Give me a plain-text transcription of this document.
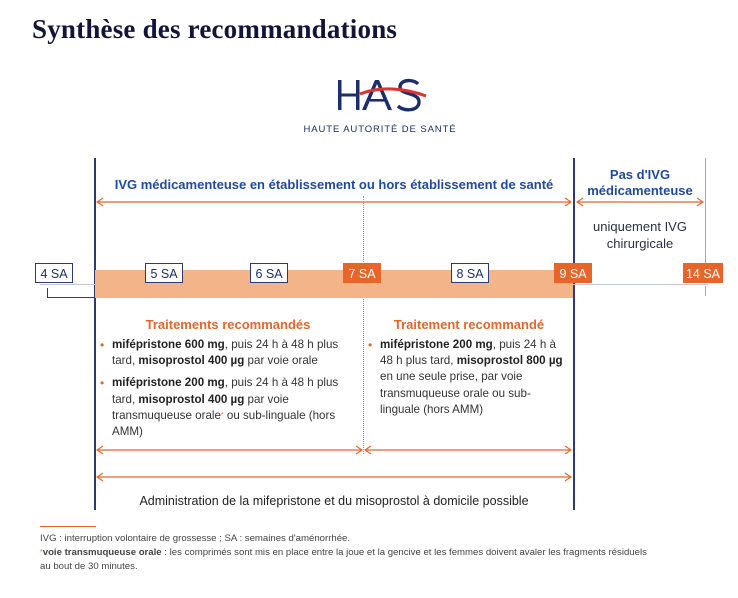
Synthèse des recommandations
HAUTE AUTORITÉ DE SANTÉ
IVG médicamenteuse en établissement ou hors établissement de santé
Pas d'IVG médicamenteuse
uniquement IVG chirurgicale
4 SA	5 SA	6 SA	7 SA	8 SA	9 SA	14 SA
Traitements recommandés	Traitement recommandé
• mifépristone 600 mg, puis 24 h à 48 h plus tard, misoprostol 400 µg par voie orale
• mifépristone 200 mg, puis 24 h à 48 h plus tard, misoprostol 400 µg par voie transmuqueuse orale* ou sub-linguale (hors AMM)
• mifépristone 200 mg, puis 24 h à 48 h plus tard, misoprostol 800 µg en une seule prise, par voie transmuqueuse orale ou sub-linguale (hors AMM)
Administration de la mifepristone et du misoprostol à domicile possible
IVG : interruption volontaire de grossesse ; SA : semaines d'aménorrhée.
*voie transmuqueuse orale : les comprimés sont mis en place entre la joue et la gencive et les femmes doivent avaler les fragments résiduels
au bout de 30 minutes.
